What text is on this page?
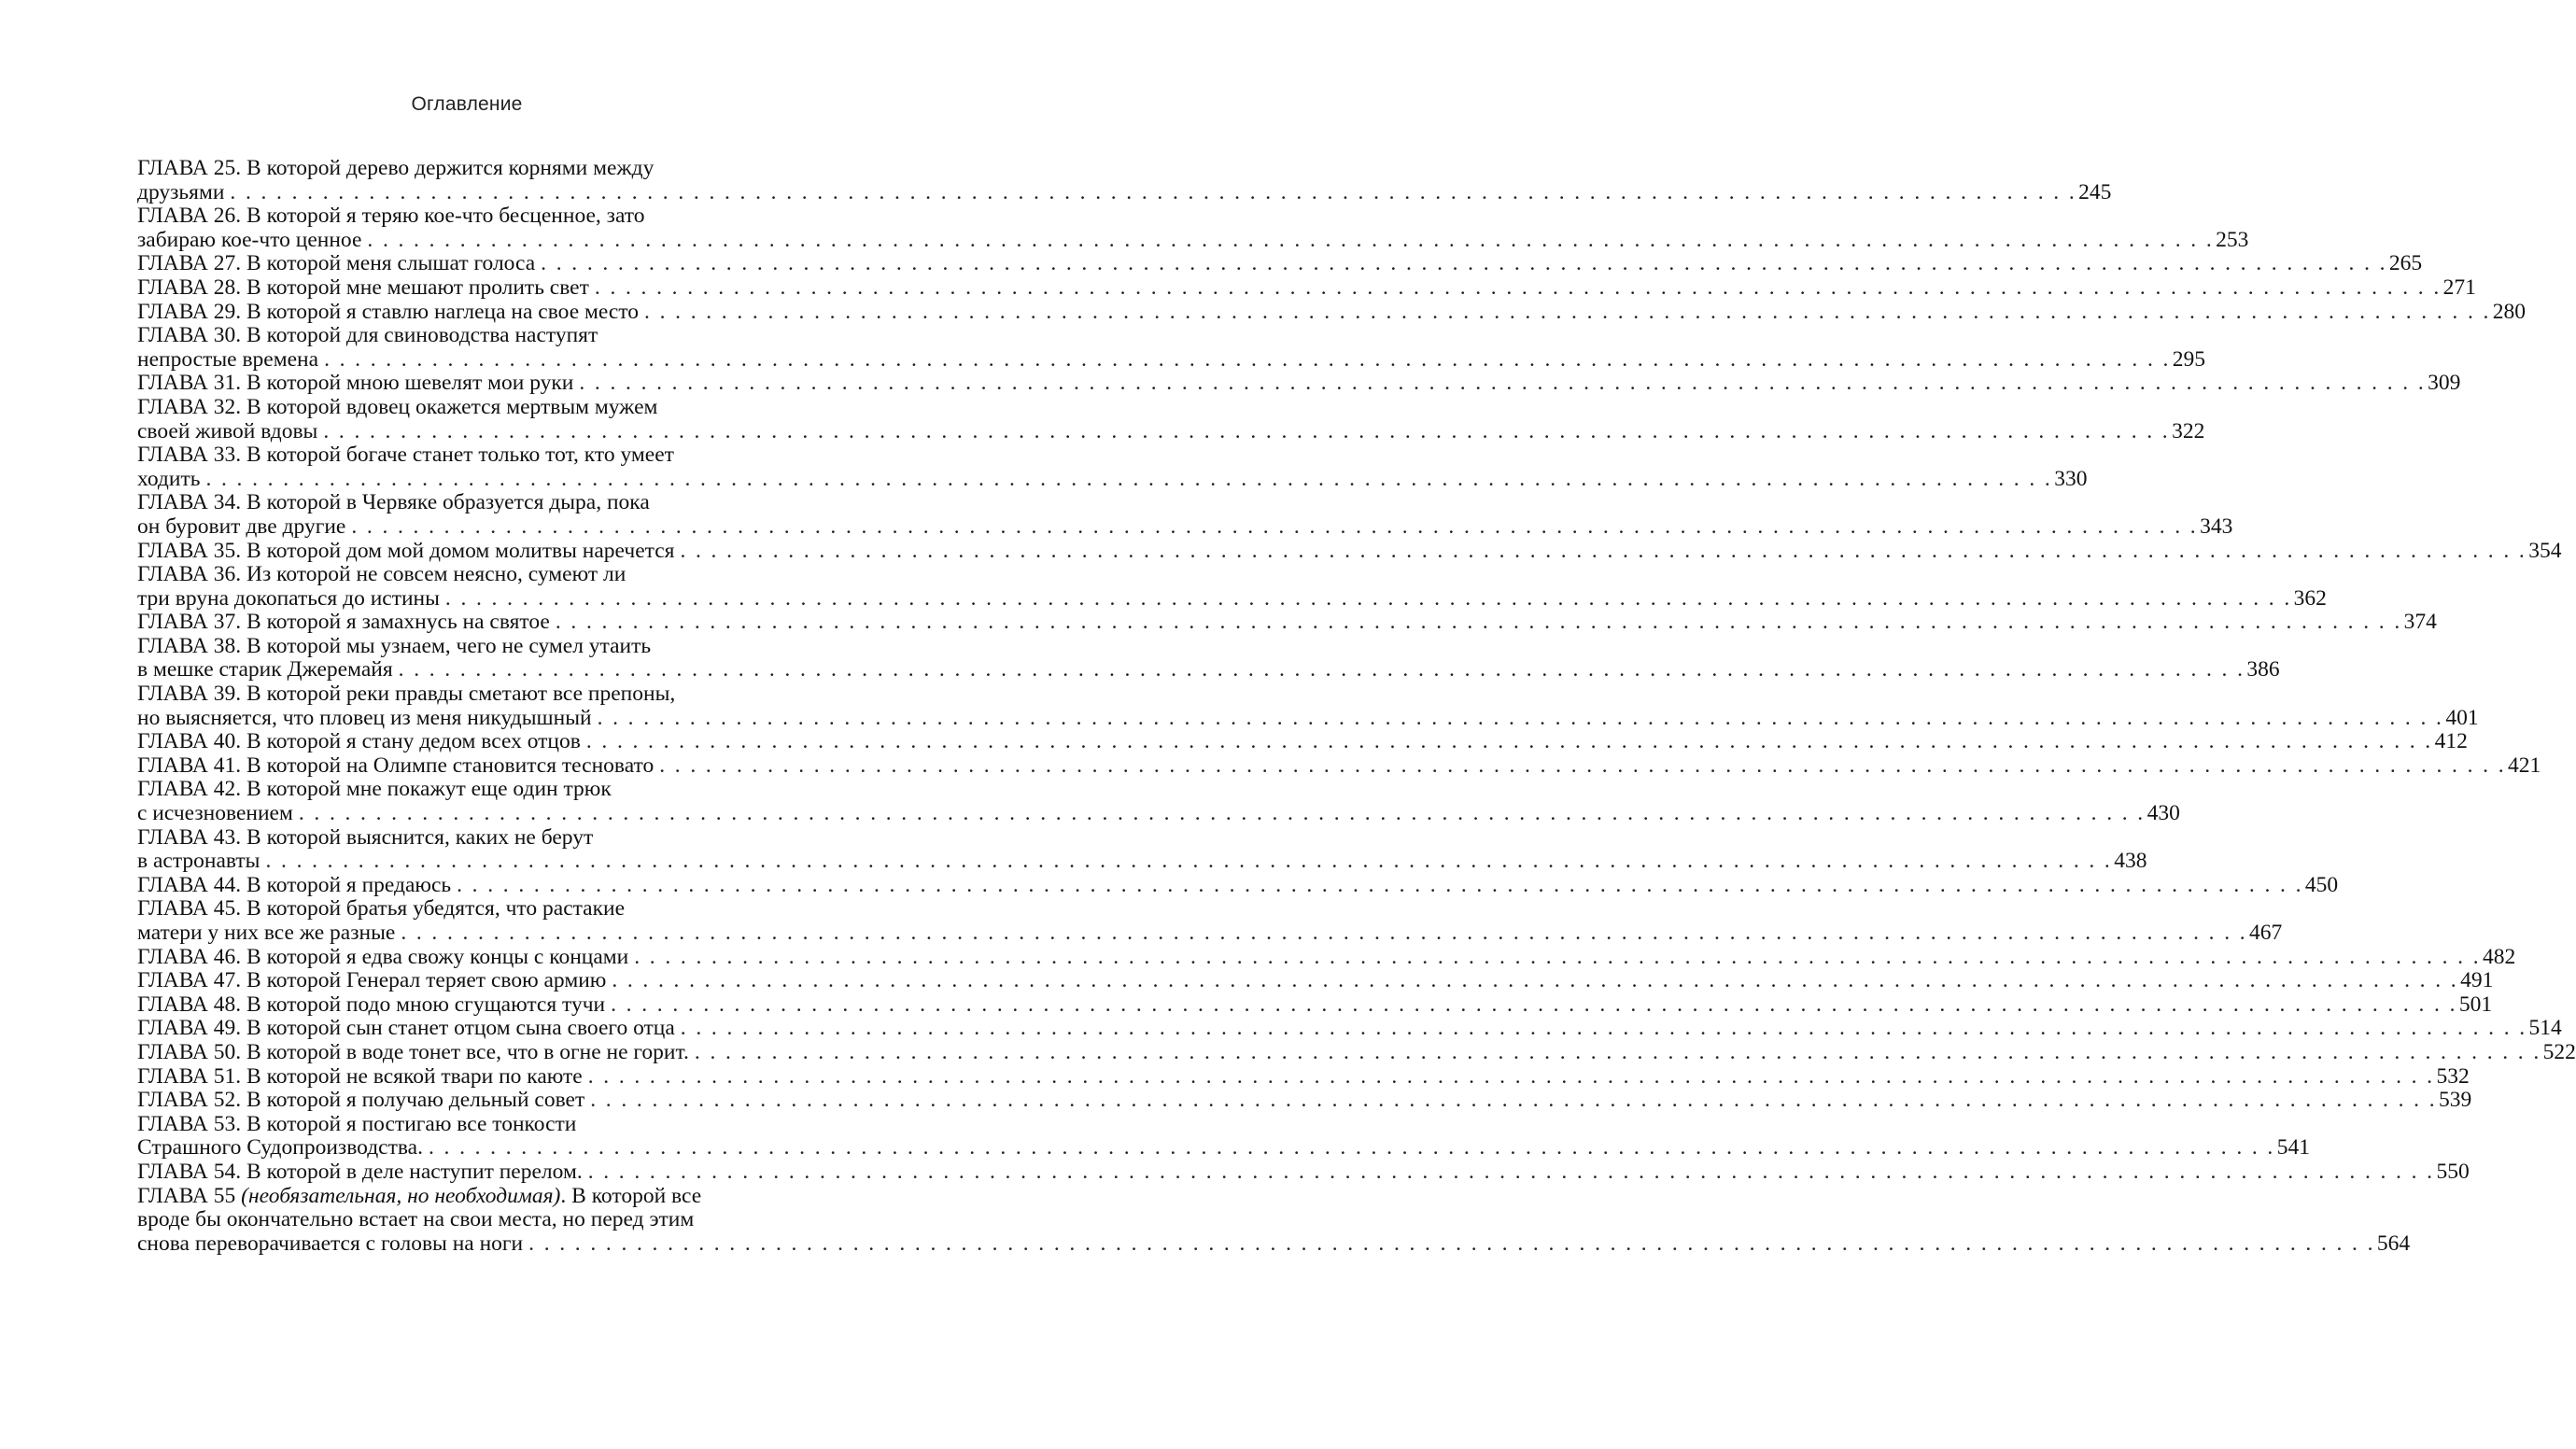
Оглавление
ГЛАВА 25. В которой дерево держится корнями между
друзьями . . . . . . . . . . . . . . . . . . . . . . . . . . . . . . . . . . . . . . . . . . . . . . . . . . . . . . . . . . . . . . . . . . . . . . . . . . . . . . . . . . . . . . . . . . . . . . . . . . . . . . . . . . . . . . . . . . . . . . . . 245
ГЛАВА 26. В которой я теряю кое-что бесценное, зато
забираю кое-что ценное . . . . . . . . . . . . . . . . . . . . . . . . . . . . . . . . . . . . . . . . . . . . . . . . . . . . . . . . . . . . . . . . . . . . . . . . . . . . . . . . . . . . . . . . . . . . . . . . . . . . . . . . . . . . . . . . . . . . . . . . 253
ГЛАВА 27. В которой меня слышат голоса . . . . . . . . . . . . . . . . . . . . . . . . . . . . . . . . . . . . . . . . . . . . . . . . . . . . . . . . . . . . . . . . . . . . . . . . . . . . . . . . . . . . . . . . . . . . . . . . . . . . . . . . . . . . . . . . . . . . . . . . 265
ГЛАВА 28. В которой мне мешают пролить свет . . . . . . . . . . . . . . . . . . . . . . . . . . . . . . . . . . . . . . . . . . . . . . . . . . . . . . . . . . . . . . . . . . . . . . . . . . . . . . . . . . . . . . . . . . . . . . . . . . . . . . . . . . . . . . . . . . . . . . . . 271
ГЛАВА 29. В которой я ставлю наглеца на свое место . . . . . . . . . . . . . . . . . . . . . . . . . . . . . . . . . . . . . . . . . . . . . . . . . . . . . . . . . . . . . . . . . . . . . . . . . . . . . . . . . . . . . . . . . . . . . . . . . . . . . . . . . . . . . . . . . . . . . . . . 280
ГЛАВА 30. В которой для свиноводства наступят
непростые времена . . . . . . . . . . . . . . . . . . . . . . . . . . . . . . . . . . . . . . . . . . . . . . . . . . . . . . . . . . . . . . . . . . . . . . . . . . . . . . . . . . . . . . . . . . . . . . . . . . . . . . . . . . . . . . . . . . . . . . . . 295
ГЛАВА 31. В которой мною шевелят мои руки . . . . . . . . . . . . . . . . . . . . . . . . . . . . . . . . . . . . . . . . . . . . . . . . . . . . . . . . . . . . . . . . . . . . . . . . . . . . . . . . . . . . . . . . . . . . . . . . . . . . . . . . . . . . . . . . . . . . . . . . 309
ГЛАВА 32. В которой вдовец окажется мертвым мужем
своей живой вдовы . . . . . . . . . . . . . . . . . . . . . . . . . . . . . . . . . . . . . . . . . . . . . . . . . . . . . . . . . . . . . . . . . . . . . . . . . . . . . . . . . . . . . . . . . . . . . . . . . . . . . . . . . . . . . . . . . . . . . . . . 322
ГЛАВА 33. В которой богаче станет только тот, кто умеет
ходить . . . . . . . . . . . . . . . . . . . . . . . . . . . . . . . . . . . . . . . . . . . . . . . . . . . . . . . . . . . . . . . . . . . . . . . . . . . . . . . . . . . . . . . . . . . . . . . . . . . . . . . . . . . . . . . . . . . . . . . . 330
ГЛАВА 34. В которой в Червяке образуется дыра, пока
он буровит две другие . . . . . . . . . . . . . . . . . . . . . . . . . . . . . . . . . . . . . . . . . . . . . . . . . . . . . . . . . . . . . . . . . . . . . . . . . . . . . . . . . . . . . . . . . . . . . . . . . . . . . . . . . . . . . . . . . . . . . . . . 343
ГЛАВА 35. В которой дом мой домом молитвы наречется . . . . . . . . . . . . . . . . . . . . . . . . . . . . . . . . . . . . . . . . . . . . . . . . . . . . . . . . . . . . . . . . . . . . . . . . . . . . . . . . . . . . . . . . . . . . . . . . . . . . . . . . . . . . . . . . . . . . . . . . 354
ГЛАВА 36. Из которой не совсем неясно, сумеют ли
три вруна докопаться до истины . . . . . . . . . . . . . . . . . . . . . . . . . . . . . . . . . . . . . . . . . . . . . . . . . . . . . . . . . . . . . . . . . . . . . . . . . . . . . . . . . . . . . . . . . . . . . . . . . . . . . . . . . . . . . . . . . . . . . . . . 362
ГЛАВА 37. В которой я замахнусь на святое . . . . . . . . . . . . . . . . . . . . . . . . . . . . . . . . . . . . . . . . . . . . . . . . . . . . . . . . . . . . . . . . . . . . . . . . . . . . . . . . . . . . . . . . . . . . . . . . . . . . . . . . . . . . . . . . . . . . . . . . 374
ГЛАВА 38. В которой мы узнаем, чего не сумел утаить
в мешке старик Джеремайя . . . . . . . . . . . . . . . . . . . . . . . . . . . . . . . . . . . . . . . . . . . . . . . . . . . . . . . . . . . . . . . . . . . . . . . . . . . . . . . . . . . . . . . . . . . . . . . . . . . . . . . . . . . . . . . . . . . . . . . . 386
ГЛАВА 39. В которой реки правды сметают все препоны,
но выясняется, что пловец из меня никудышный . . . . . . . . . . . . . . . . . . . . . . . . . . . . . . . . . . . . . . . . . . . . . . . . . . . . . . . . . . . . . . . . . . . . . . . . . . . . . . . . . . . . . . . . . . . . . . . . . . . . . . . . . . . . . . . . . . . . . . . . 401
ГЛАВА 40. В которой я стану дедом всех отцов . . . . . . . . . . . . . . . . . . . . . . . . . . . . . . . . . . . . . . . . . . . . . . . . . . . . . . . . . . . . . . . . . . . . . . . . . . . . . . . . . . . . . . . . . . . . . . . . . . . . . . . . . . . . . . . . . . . . . . . . 412
ГЛАВА 41. В которой на Олимпе становится тесновато . . . . . . . . . . . . . . . . . . . . . . . . . . . . . . . . . . . . . . . . . . . . . . . . . . . . . . . . . . . . . . . . . . . . . . . . . . . . . . . . . . . . . . . . . . . . . . . . . . . . . . . . . . . . . . . . . . . . . . . . 421
ГЛАВА 42. В которой мне покажут еще один трюк
с исчезновением . . . . . . . . . . . . . . . . . . . . . . . . . . . . . . . . . . . . . . . . . . . . . . . . . . . . . . . . . . . . . . . . . . . . . . . . . . . . . . . . . . . . . . . . . . . . . . . . . . . . . . . . . . . . . . . . . . . . . . . . 430
ГЛАВА 43. В которой выяснится, каких не берут
в астронавты . . . . . . . . . . . . . . . . . . . . . . . . . . . . . . . . . . . . . . . . . . . . . . . . . . . . . . . . . . . . . . . . . . . . . . . . . . . . . . . . . . . . . . . . . . . . . . . . . . . . . . . . . . . . . . . . . . . . . . . . 438
ГЛАВА 44. В которой я предаюсь . . . . . . . . . . . . . . . . . . . . . . . . . . . . . . . . . . . . . . . . . . . . . . . . . . . . . . . . . . . . . . . . . . . . . . . . . . . . . . . . . . . . . . . . . . . . . . . . . . . . . . . . . . . . . . . . . . . . . . . . 450
ГЛАВА 45. В которой братья убедятся, что растакие
матери у них все же разные . . . . . . . . . . . . . . . . . . . . . . . . . . . . . . . . . . . . . . . . . . . . . . . . . . . . . . . . . . . . . . . . . . . . . . . . . . . . . . . . . . . . . . . . . . . . . . . . . . . . . . . . . . . . . . . . . . . . . . . . 467
ГЛАВА 46. В которой я едва свожу концы с концами . . . . . . . . . . . . . . . . . . . . . . . . . . . . . . . . . . . . . . . . . . . . . . . . . . . . . . . . . . . . . . . . . . . . . . . . . . . . . . . . . . . . . . . . . . . . . . . . . . . . . . . . . . . . . . . . . . . . . . . . 482
ГЛАВА 47. В которой Генерал теряет свою армию . . . . . . . . . . . . . . . . . . . . . . . . . . . . . . . . . . . . . . . . . . . . . . . . . . . . . . . . . . . . . . . . . . . . . . . . . . . . . . . . . . . . . . . . . . . . . . . . . . . . . . . . . . . . . . . . . . . . . . . . 491
ГЛАВА 48. В которой подо мною сгущаются тучи . . . . . . . . . . . . . . . . . . . . . . . . . . . . . . . . . . . . . . . . . . . . . . . . . . . . . . . . . . . . . . . . . . . . . . . . . . . . . . . . . . . . . . . . . . . . . . . . . . . . . . . . . . . . . . . . . . . . . . . . 501
ГЛАВА 49. В которой сын станет отцом сына своего отца . . . . . . . . . . . . . . . . . . . . . . . . . . . . . . . . . . . . . . . . . . . . . . . . . . . . . . . . . . . . . . . . . . . . . . . . . . . . . . . . . . . . . . . . . . . . . . . . . . . . . . . . . . . . . . . . . . . . . . . . 514
ГЛАВА 50. В которой в воде тонет все, что в огне не горит. . . . . . . . . . . . . . . . . . . . . . . . . . . . . . . . . . . . . . . . . . . . . . . . . . . . . . . . . . . . . . . . . . . . . . . . . . . . . . . . . . . . . . . . . . . . . . . . . . . . . . . . . . . . . . . . . . . . . . . . . 522
ГЛАВА 51. В которой не всякой твари по каюте . . . . . . . . . . . . . . . . . . . . . . . . . . . . . . . . . . . . . . . . . . . . . . . . . . . . . . . . . . . . . . . . . . . . . . . . . . . . . . . . . . . . . . . . . . . . . . . . . . . . . . . . . . . . . . . . . . . . . . . . 532
ГЛАВА 52. В которой я получаю дельный совет . . . . . . . . . . . . . . . . . . . . . . . . . . . . . . . . . . . . . . . . . . . . . . . . . . . . . . . . . . . . . . . . . . . . . . . . . . . . . . . . . . . . . . . . . . . . . . . . . . . . . . . . . . . . . . . . . . . . . . . . 539
ГЛАВА 53. В которой я постигаю все тонкости
Страшного Судопроизводства. . . . . . . . . . . . . . . . . . . . . . . . . . . . . . . . . . . . . . . . . . . . . . . . . . . . . . . . . . . . . . . . . . . . . . . . . . . . . . . . . . . . . . . . . . . . . . . . . . . . . . . . . . . . . . . . . . . . . . . . . 541
ГЛАВА 54. В которой в деле наступит перелом. . . . . . . . . . . . . . . . . . . . . . . . . . . . . . . . . . . . . . . . . . . . . . . . . . . . . . . . . . . . . . . . . . . . . . . . . . . . . . . . . . . . . . . . . . . . . . . . . . . . . . . . . . . . . . . . . . . . . . . . . 550
ГЛАВА 55 (необязательная, но необходимая). В которой все
вроде бы окончательно встает на свои места, но перед этим
снова переворачивается с головы на ноги . . . . . . . . . . . . . . . . . . . . . . . . . . . . . . . . . . . . . . . . . . . . . . . . . . . . . . . . . . . . . . . . . . . . . . . . . . . . . . . . . . . . . . . . . . . . . . . . . . . . . . . . . . . . . . . . . . . . . . . . 564
